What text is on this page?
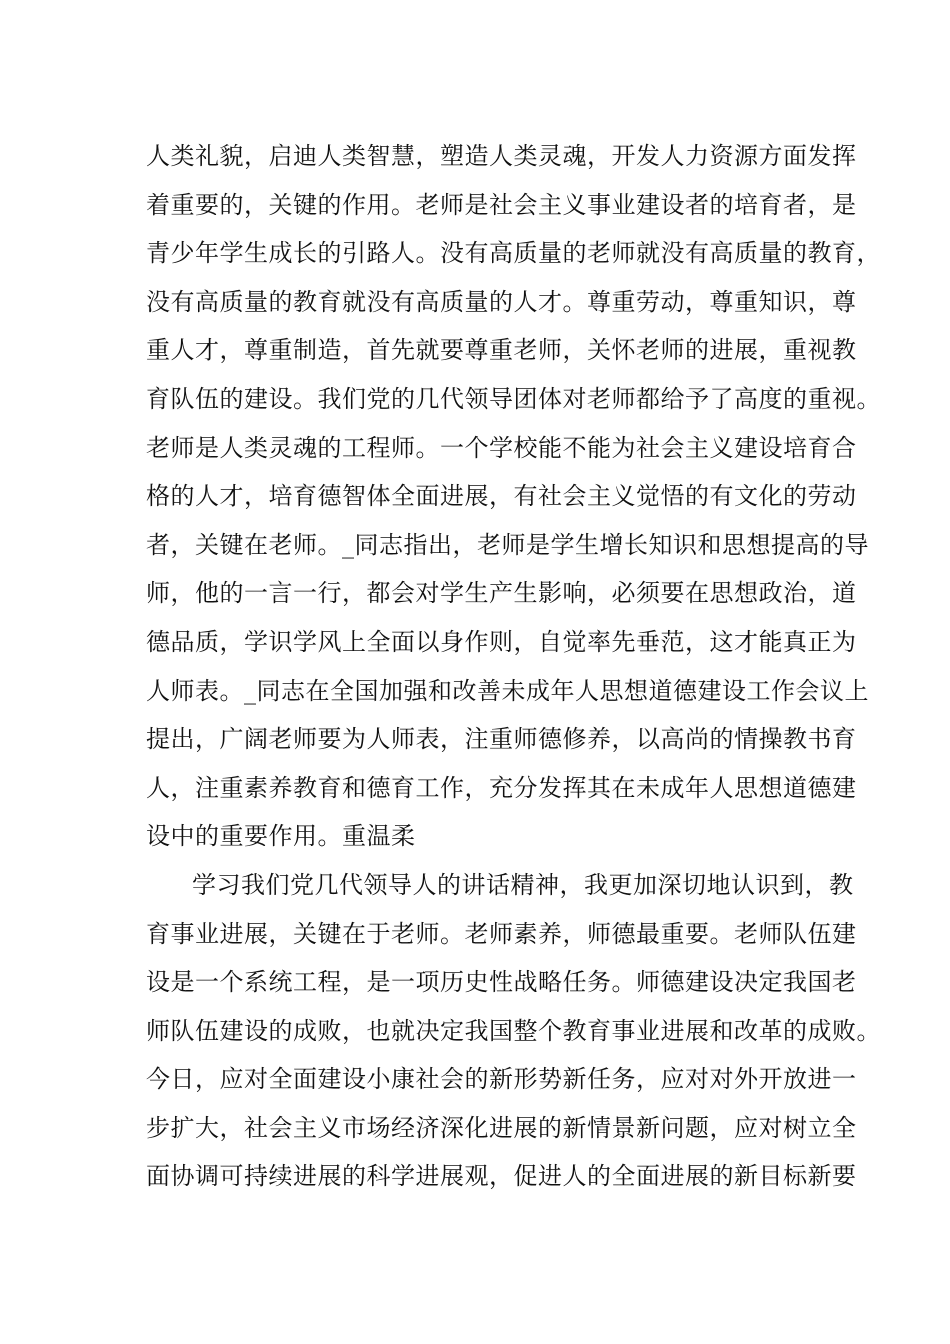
人类礼貌，启迪人类智慧，塑造人类灵魂，开发人力资源方面发挥
着重要的，关键的作用。老师是社会主义事业建设者的培育者，是
青少年学生成长的引路人。没有高质量的老师就没有高质量的教育，
没有高质量的教育就没有高质量的人才。尊重劳动，尊重知识，尊
重人才，尊重制造，首先就要尊重老师，关怀老师的进展，重视教
育队伍的建设。我们党的几代领导团体对老师都给予了高度的重视。
老师是人类灵魂的工程师。一个学校能不能为社会主义建设培育合
格的人才，培育德智体全面进展，有社会主义觉悟的有文化的劳动
者，关键在老师。_同志指出，老师是学生增长知识和思想提高的导
师，他的一言一行，都会对学生产生影响，必须要在思想政治，道
德品质，学识学风上全面以身作则，自觉率先垂范，这才能真正为
人师表。_同志在全国加强和改善未成年人思想道德建设工作会议上
提出，广阔老师要为人师表，注重师德修养，以高尚的情操教书育
人，注重素养教育和德育工作，充分发挥其在未成年人思想道德建
设中的重要作用。重温柔
学习我们党几代领导人的讲话精神，我更加深切地认识到，教
育事业进展，关键在于老师。老师素养，师德最重要。老师队伍建
设是一个系统工程，是一项历史性战略任务。师德建设决定我国老
师队伍建设的成败，也就决定我国整个教育事业进展和改革的成败。
今日，应对全面建设小康社会的新形势新任务，应对对外开放进一
步扩大，社会主义市场经济深化进展的新情景新问题，应对树立全
面协调可持续进展的科学进展观，促进人的全面进展的新目标新要
